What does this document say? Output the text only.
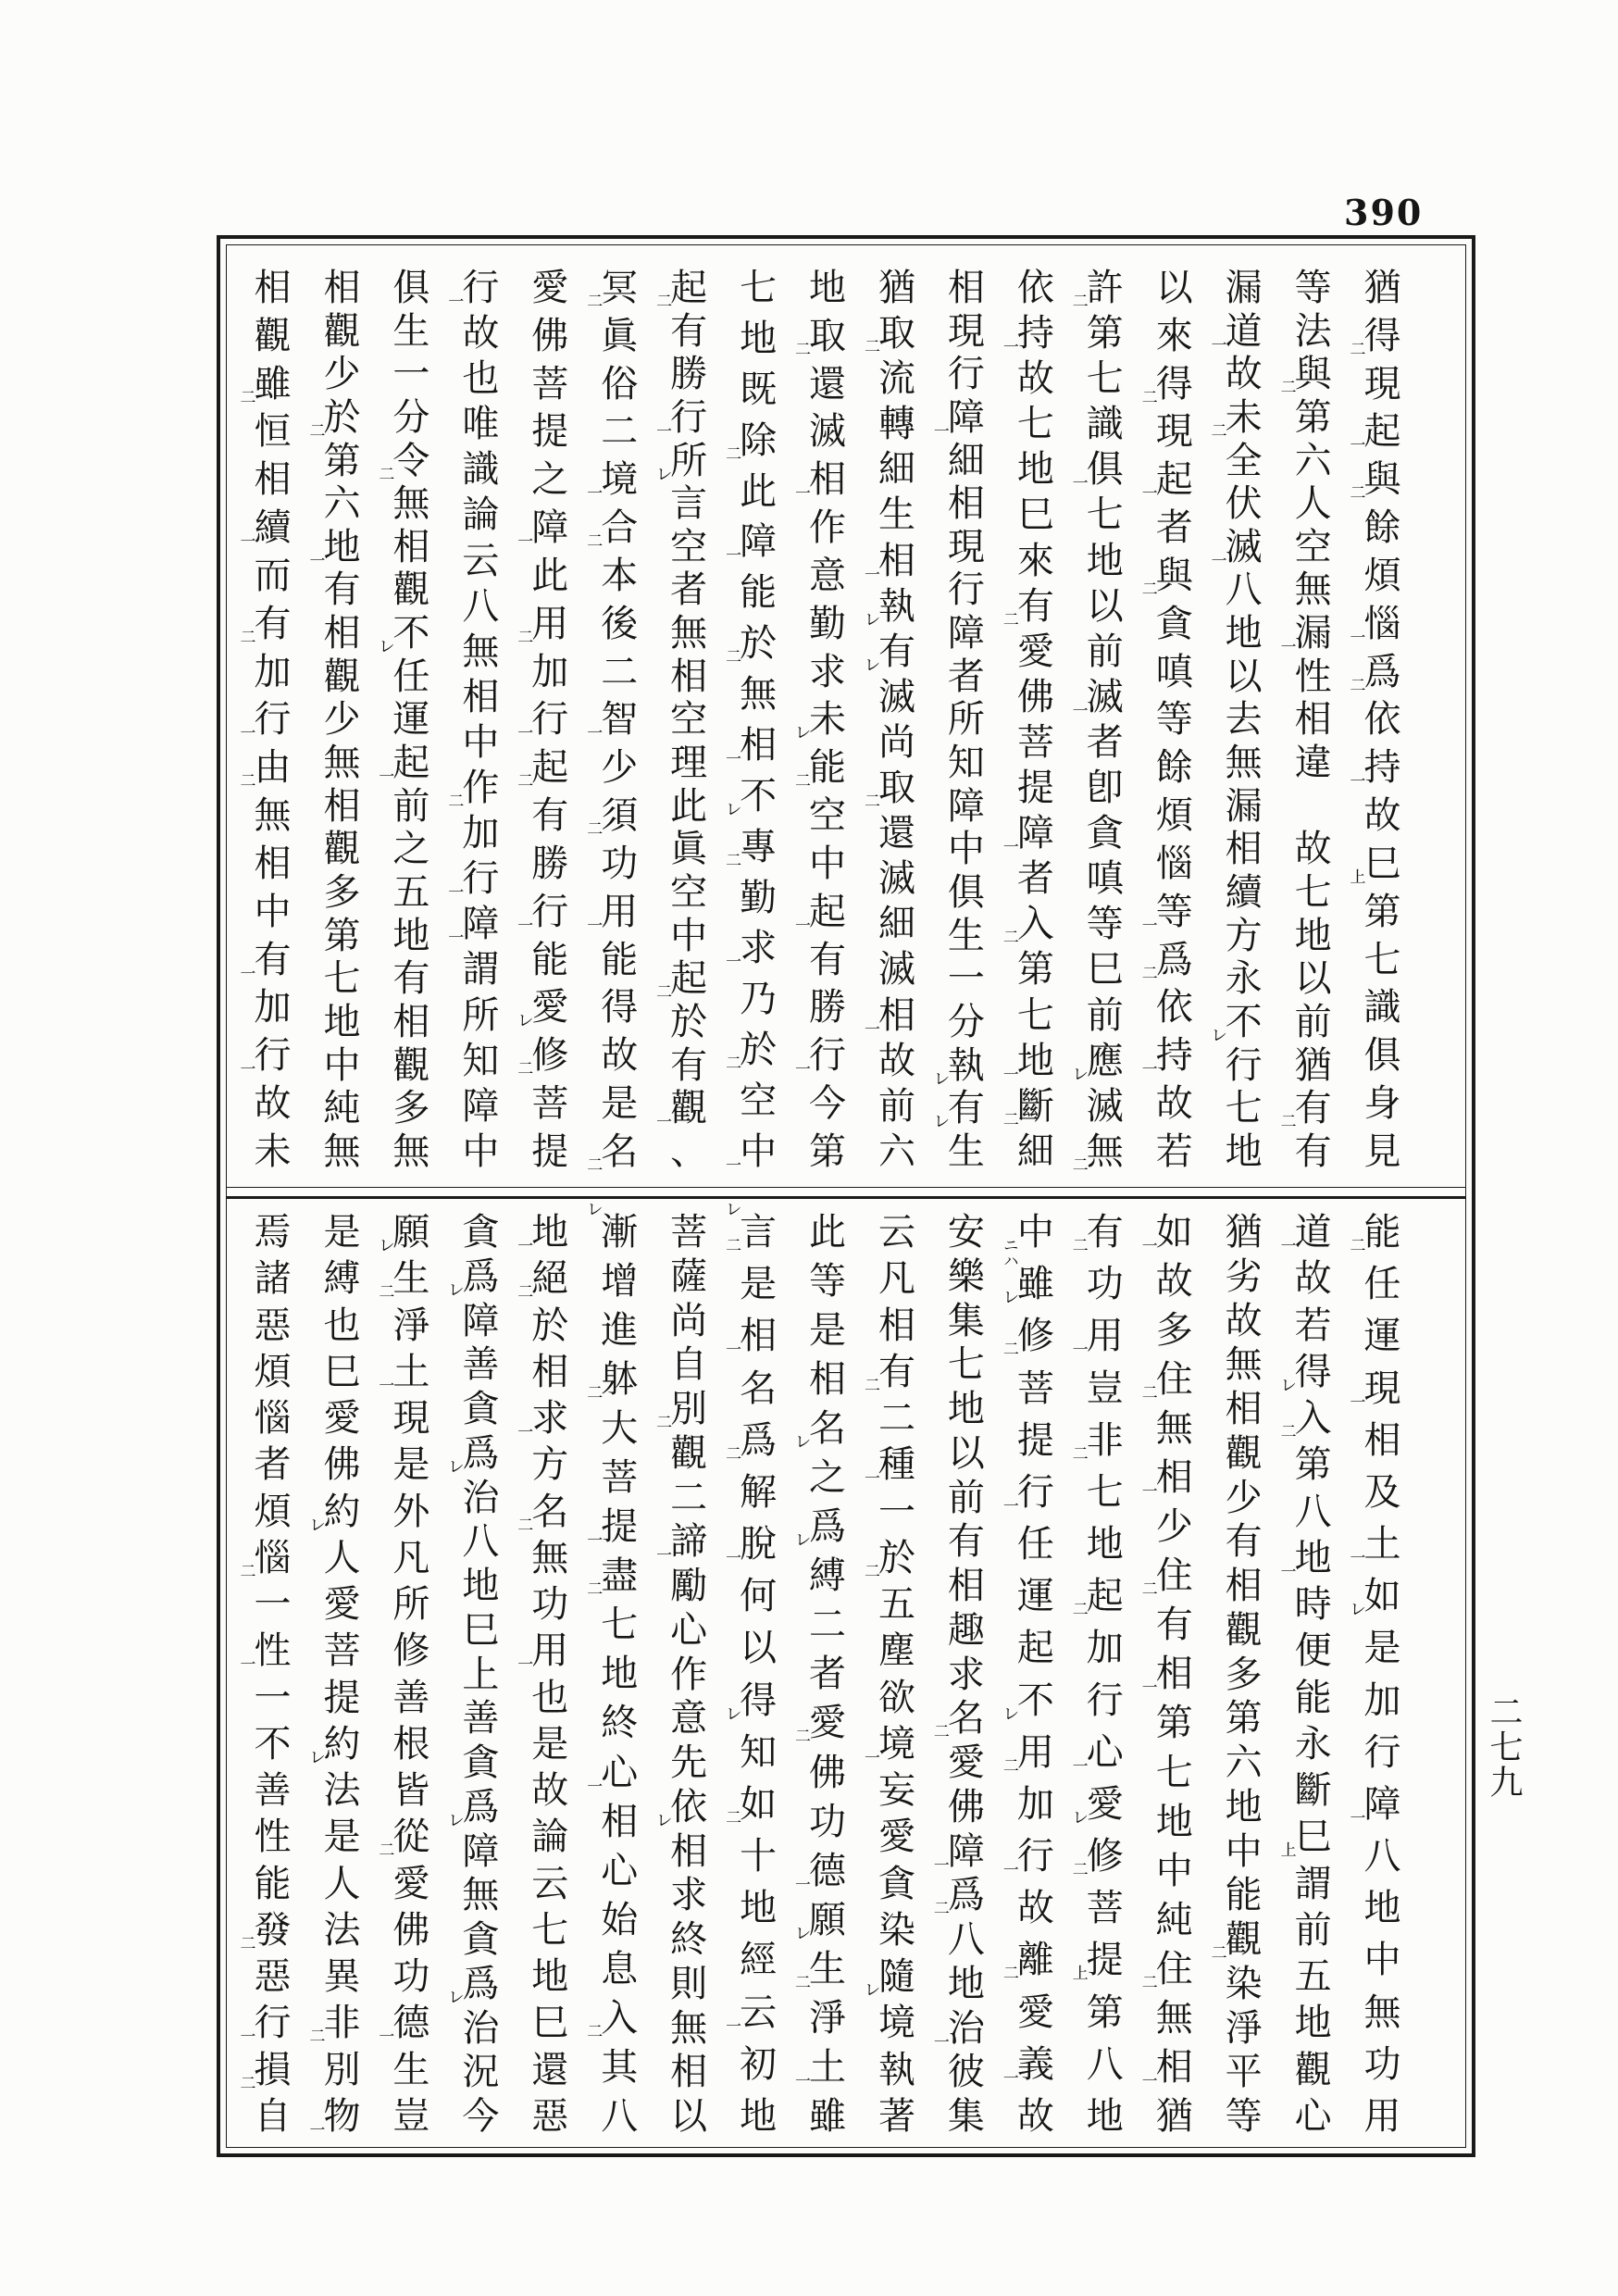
390
二七九
猶
得
㆓
現
起
㆒
與
㆓
餘
煩
惱
㆒
爲
㆓
依
持
㆒
故
巳
㆖
第
七
識
俱
身
見
等
法
與
㆓
第
六
人
空
無
漏
㆒
性
相
違

故
七
地
以
前
猶
有
㆓
有
漏
道
㆒
故
未
㆓
全
伏
滅
㆒
八
地
以
去
無
漏
相
續
方
永
不
㆑
行
七
地
以
來
得
㆓
現
起
㆒
者
與
㆓
貪
嗔
等
餘
煩
惱
等
㆒
爲
㆓
依
持
㆒
故
若
許
㆓
第
七
識
俱
㆒
七
地
以
前
滅
㆒
者
卽
貪
嗔
等
巳
前
應
㆑
滅
無
㆓
依
持
㆒
故
七
地
巳
來
有
㆓
愛
佛
菩
提
障
㆒
者
入
㆓
第
七
地
㆒
斷
㆓
細
相
現
行
障
㆒
細
相
現
行
障
者
所
知
障
中
俱
生
一
分
執
㆑
有
㆑
生
猶
取
㆓
流
轉
細
生
相
㆒
執
㆑
有
㆑
滅
尚
取
㆓
還
滅
細
滅
相
㆒
故
前
六
地
取
㆓
還
滅
相
㆒
作
意
勤
求
未
㆑
能
㆓
空
中
起
㆒
有
勝
行
㆒
今
第
七
地
既
除
㆓
此
障
㆒
能
於
㆓
無
相
㆒
不
㆑
專
㆓
勤
求
㆒
乃
於
㆓
空
中
㆒
起
㆓
有
勝
行
㆒
所
㆑
言
空
者
無
相
空
理
此
眞
空
中
起
㆓
於
有
觀
㆒
、
冥
㆓
眞
俗
二
境
㆒
合
㆓
本
後
二
智
㆒
少
須
㆓
功
用
㆒
能
得
故
是
名
㆓
愛
佛
菩
提
之
障
㆒
此
用
㆓
加
行
㆒
起
㆓
有
勝
行
㆒
能
愛
㆑
修
㆓
菩
提
行
㆒
故
也
唯
識
論
云
八
無
相
中
作
㆓
加
行
㆒
障
㆒
謂
所
知
障
中
俱
生
一
分
令
㆓
無
相
觀
不
㆑
任
運
起
㆒
前
之
五
地
有
相
觀
多
無
相
觀
少
於
㆓
第
六
地
㆒
有
相
觀
少
無
相
觀
多
第
七
地
中
純
無
相
觀
雖
㆓
恒
相
續
㆒
而
有
㆓
加
行
㆒
由
㆓
無
相
中
有
㆒
加
行
㆒
故
未
能
㆓
任
運
現
㆒
相
及
土
㆒
如
㆑
是
加
行
障
㆒
八
地
中
無
功
用
道
㆒
故
若
得
㆑
入
㆓
第
八
地
㆒
時
便
能
永
斷
巳
㆖
謂
前
五
地
觀
心
猶
劣
故
無
相
觀
少
有
相
觀
多
第
六
地
中
能
觀
㆓
染
淨
平
等
如
㆒
故
多
住
㆓
無
相
㆒
少
住
㆓
有
相
㆒
第
七
地
中
純
住
㆓
無
相
㆒
猶
有
㆓
功
用
㆒
豈
非
㆓
七
地
起
㆓
加
行
心
㆒
愛
㆑
修
㆓
菩
提
㆖
第
八
地
中
ニハ
雖
㆑
修
㆓
菩
提
行
㆒
任
運
起
不
㆑
用
㆓
加
行
㆒
故
離
㆓
愛
義
㆒
故
安
樂
集
七
地
以
前
有
相
趣
求
名
㆓
愛
佛
障
㆒
爲
㆓
八
地
治
㆒
彼
集
云
凡
相
有
㆓
二
種
㆒
一
於
㆓
五
塵
欲
境
㆒
妄
愛
貪
染
隨
㆑
境
執
著
此
等
是
相
名
㆑
之
爲
㆑
縛
二
者
愛
㆓
佛
功
德
㆒
願
㆑
生
㆓
淨
土
㆒
雖
㆑
言
㆓
是
相
㆒
名
爲
㆓
解
脫
㆒
何
以
得
㆑
知
如
㆓
十
地
經
云
㆒
初
地
菩
薩
尚
自
別
㆓
觀
二
諦
㆒
勵
心
作
意
先
依
㆑
相
求
終
則
無
相
以
㆑
漸
增
進
躰
㆓
大
菩
提
㆒
盡
㆓
七
地
終
心
㆒
相
心
始
息
入
㆓
其
八
地
㆒
絕
㆓
於
相
求
㆒
方
名
㆓
無
功
用
㆒
也
是
故
論
云
七
地
巳
還
惡
貪
爲
㆑
障
善
貪
爲
㆑
治
八
地
巳
上
善
貪
爲
㆑
障
無
貪
爲
㆑
治
況
今
願
㆑
生
㆓
淨
土
㆒
現
是
外
凡
所
修
善
根
皆
從
㆓
愛
佛
功
德
㆒
生
豈
是
縛
也
巳
愛
佛
約
㆑
人
愛
菩
提
約
㆑
法
是
人
法
異
非
㆓
別
物
㆒
焉
諸
惡
煩
惱
者
煩
惱
㆓
一
性
㆒
一
不
善
性
能
發
㆓
惡
行
㆒
損
㆓
自
